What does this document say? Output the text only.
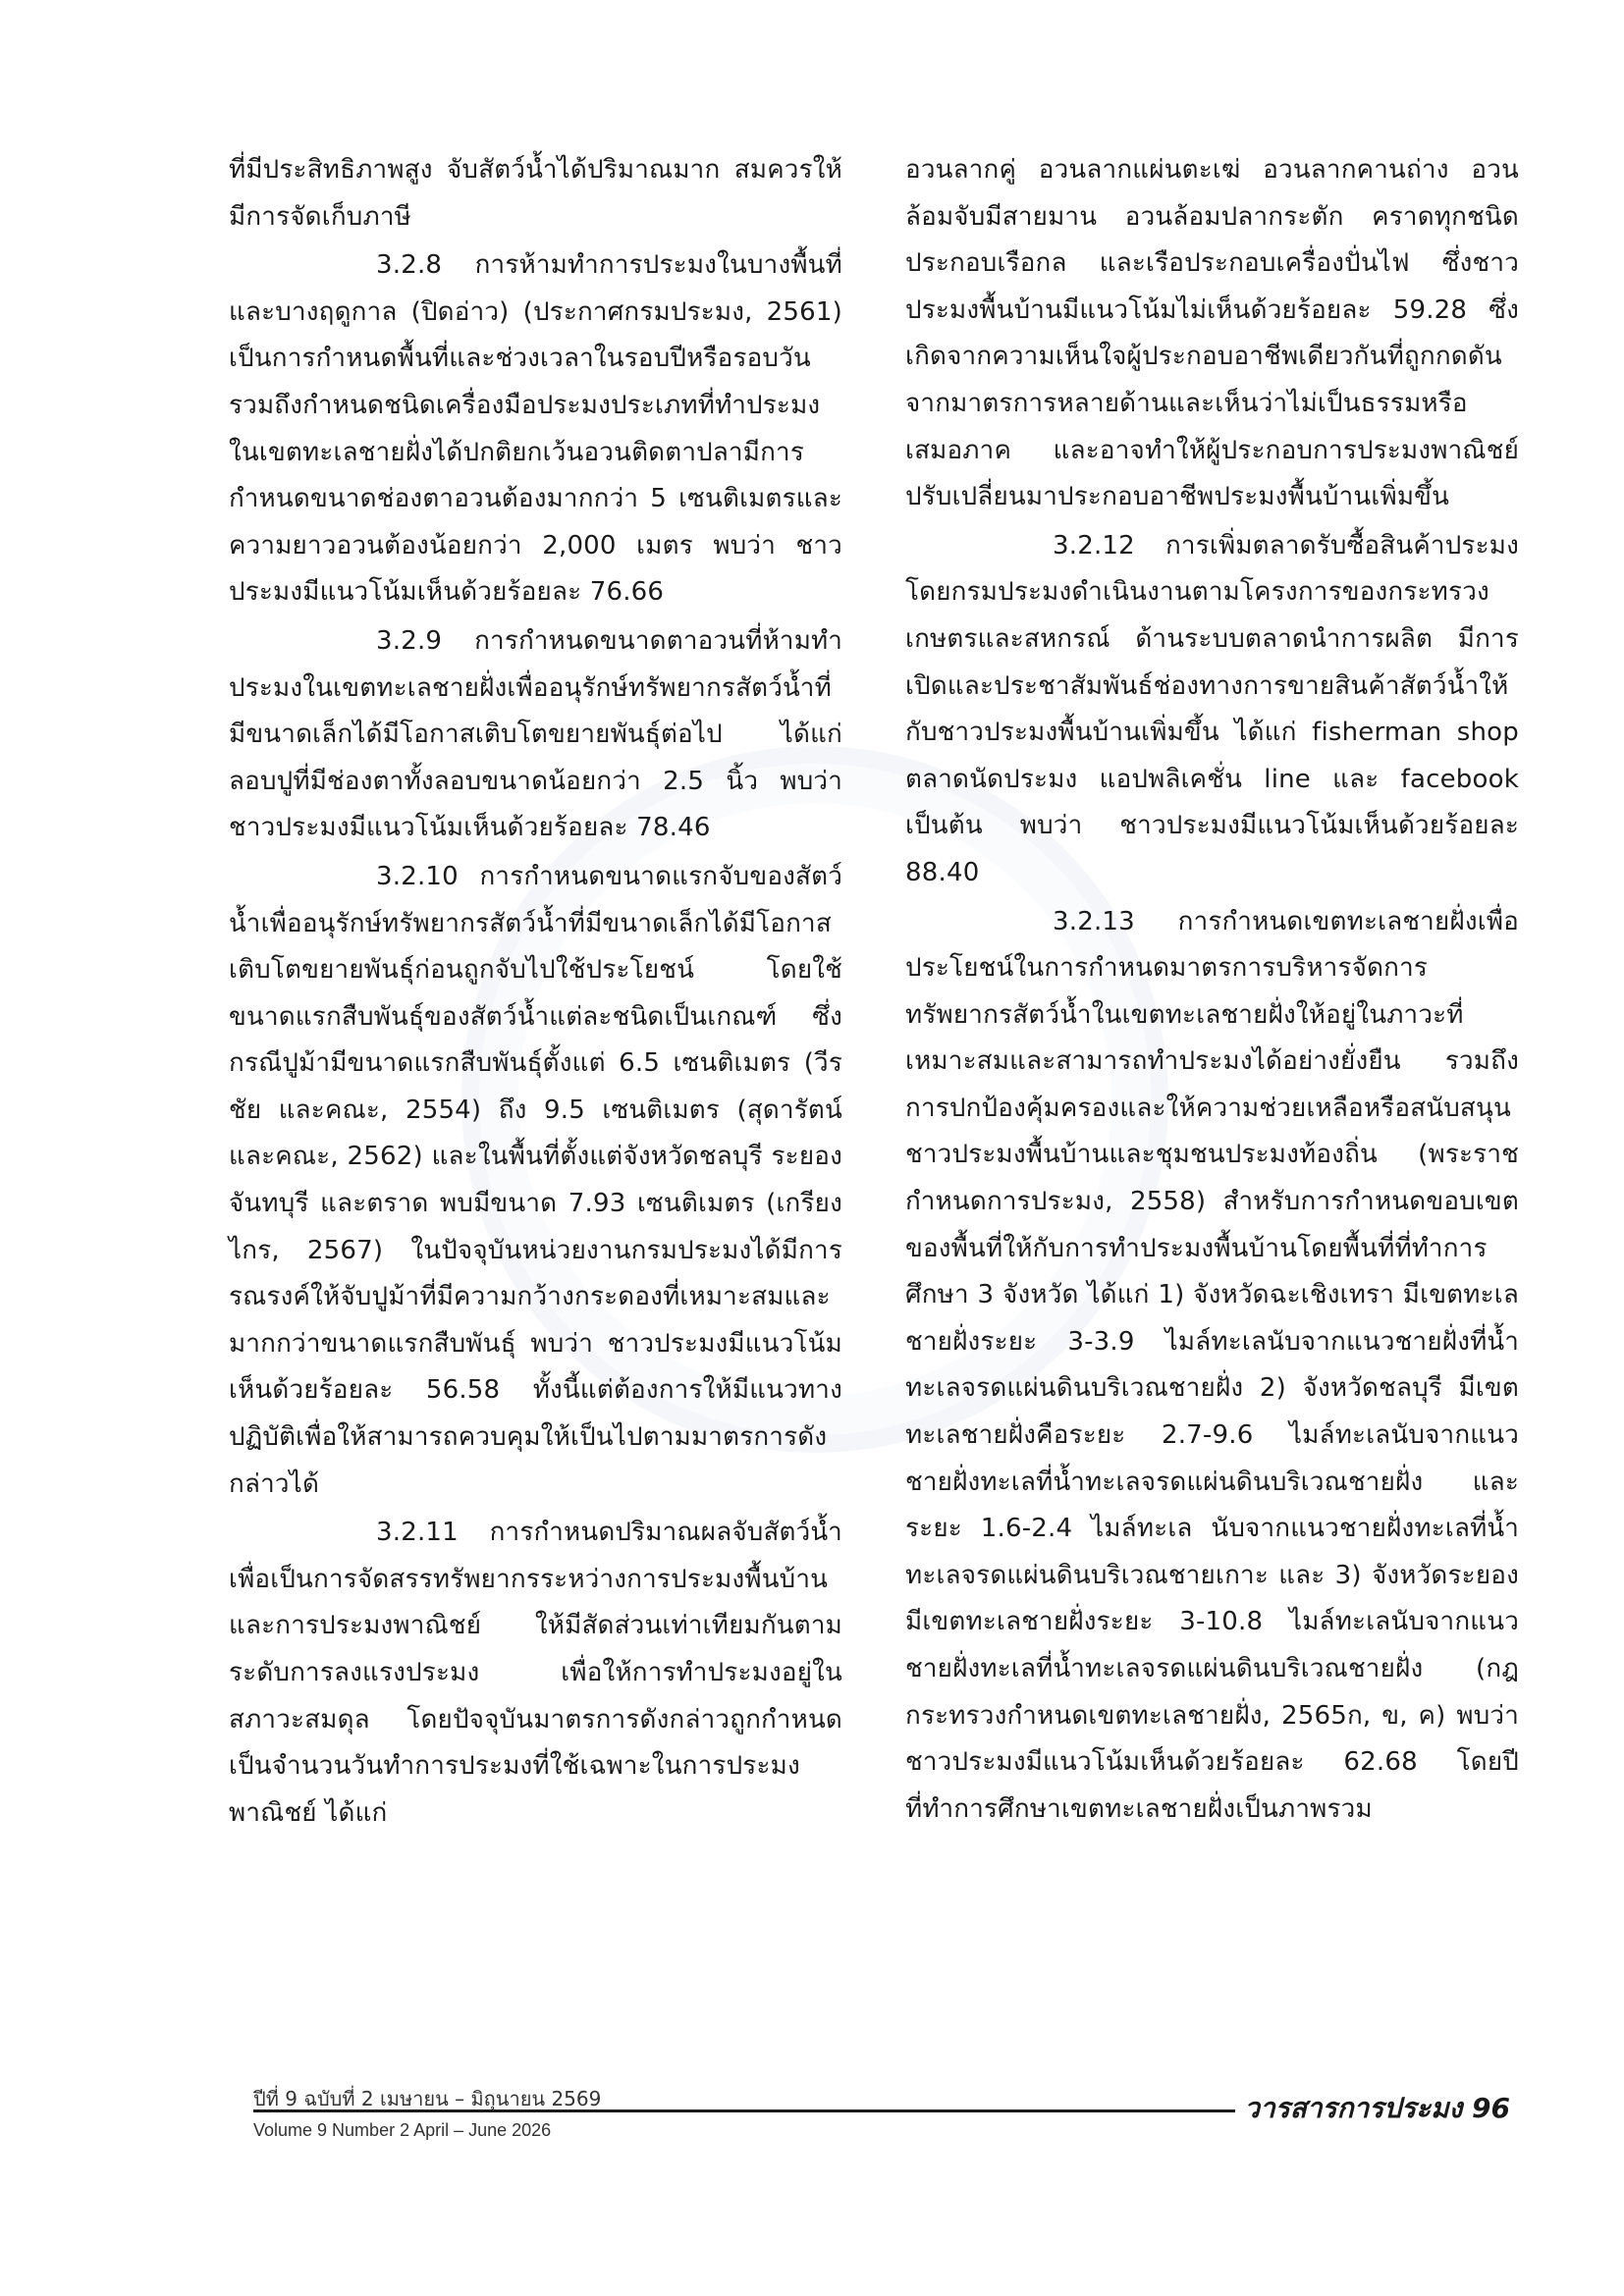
ที่มีประสิทธิภาพสูง จับสัตว์น้ำได้ปริมาณมาก สมควรให้มีการจัดเก็บภาษี

3.2.8 การห้ามทำการประมงในบางพื้นที่และบางฤดูกาล (ปิดอ่าว) (ประกาศกรมประมง, 2561) เป็นการกำหนดพื้นที่และช่วงเวลาในรอบปีหรือรอบวัน รวมถึงกำหนดชนิดเครื่องมือประมงประเภทที่ทำประมงในเขตทะเลชายฝั่งได้ปกติยกเว้นอวนติดตาปลามีการกำหนดขนาดช่องตาอวนต้องมากกว่า 5 เซนติเมตรและความยาวอวนต้องน้อยกว่า 2,000 เมตร พบว่า ชาวประมงมีแนวโน้มเห็นด้วยร้อยละ 76.66

3.2.9 การกำหนดขนาดตาอวนที่ห้ามทำประมงในเขตทะเลชายฝั่งเพื่ออนุรักษ์ทรัพยากรสัตว์น้ำที่มีขนาดเล็กได้มีโอกาสเติบโตขยายพันธุ์ต่อไป ได้แก่ ลอบปูที่มีช่องตาทั้งลอบขนาดน้อยกว่า 2.5 นิ้ว พบว่า ชาวประมงมีแนวโน้มเห็นด้วยร้อยละ 78.46

3.2.10 การกำหนดขนาดแรกจับของสัตว์น้ำเพื่ออนุรักษ์ทรัพยากรสัตว์น้ำที่มีขนาดเล็กได้มีโอกาสเติบโตขยายพันธุ์ก่อนถูกจับไปใช้ประโยชน์ โดยใช้ขนาดแรกสืบพันธุ์ของสัตว์น้ำแต่ละชนิดเป็นเกณฑ์ ซึ่งกรณีปูม้ามีขนาดแรกสืบพันธุ์ตั้งแต่ 6.5 เซนติเมตร (วีรชัย และคณะ, 2554) ถึง 9.5 เซนติเมตร (สุดารัตน์ และคณะ, 2562) และในพื้นที่ตั้งแต่จังหวัดชลบุรี ระยอง จันทบุรี และตราด พบมีขนาด 7.93 เซนติเมตร (เกรียงไกร, 2567) ในปัจจุบันหน่วยงานกรมประมงได้มีการรณรงค์ให้จับปูม้าที่มีความกว้างกระดองที่เหมาะสมและมากกว่าขนาดแรกสืบพันธุ์ พบว่า ชาวประมงมีแนวโน้มเห็นด้วยร้อยละ 56.58 ทั้งนี้แต่ต้องการให้มีแนวทางปฏิบัติเพื่อให้สามารถควบคุมให้เป็นไปตามมาตรการดังกล่าวได้

3.2.11 การกำหนดปริมาณผลจับสัตว์น้ำเพื่อเป็นการจัดสรรทรัพยากรระหว่างการประมงพื้นบ้านและการประมงพาณิชย์ ให้มีสัดส่วนเท่าเทียมกันตามระดับการลงแรงประมง เพื่อให้การทำประมงอยู่ในสภาวะสมดุล โดยปัจจุบันมาตรการดังกล่าวถูกกำหนดเป็นจำนวนวันทำการประมงที่ใช้เฉพาะในการประมงพาณิชย์ ได้แก่

อวนลากคู่ อวนลากแผ่นตะเฆ่ อวนลากคานถ่าง อวนล้อมจับมีสายมาน อวนล้อมปลากระตัก คราดทุกชนิดประกอบเรือกล และเรือประกอบเครื่องปั่นไฟ ซึ่งชาวประมงพื้นบ้านมีแนวโน้มไม่เห็นด้วยร้อยละ 59.28 ซึ่งเกิดจากความเห็นใจผู้ประกอบอาชีพเดียวกันที่ถูกกดดันจากมาตรการหลายด้านและเห็นว่าไม่เป็นธรรมหรือเสมอภาค และอาจทำให้ผู้ประกอบการประมงพาณิชย์ปรับเปลี่ยนมาประกอบอาชีพประมงพื้นบ้านเพิ่มขึ้น

3.2.12 การเพิ่มตลาดรับซื้อสินค้าประมง โดยกรมประมงดำเนินงานตามโครงการของกระทรวงเกษตรและสหกรณ์ ด้านระบบตลาดนำการผลิต มีการเปิดและประชาสัมพันธ์ช่องทางการขายสินค้าสัตว์น้ำให้กับชาวประมงพื้นบ้านเพิ่มขึ้น ได้แก่ fisherman shop ตลาดนัดประมง แอปพลิเคชั่น line และ facebook เป็นต้น พบว่า ชาวประมงมีแนวโน้มเห็นด้วยร้อยละ 88.40

3.2.13 การกำหนดเขตทะเลชายฝั่งเพื่อประโยชน์ในการกำหนดมาตรการบริหารจัดการทรัพยากรสัตว์น้ำในเขตทะเลชายฝั่งให้อยู่ในภาวะที่เหมาะสมและสามารถทำประมงได้อย่างยั่งยืน รวมถึงการปกป้องคุ้มครองและให้ความช่วยเหลือหรือสนับสนุนชาวประมงพื้นบ้านและชุมชนประมงท้องถิ่น (พระราชกำหนดการประมง, 2558) สำหรับการกำหนดขอบเขตของพื้นที่ให้กับการทำประมงพื้นบ้านโดยพื้นที่ที่ทำการศึกษา 3 จังหวัด ได้แก่ 1) จังหวัดฉะเชิงเทรา มีเขตทะเลชายฝั่งระยะ 3-3.9 ไมล์ทะเลนับจากแนวชายฝั่งที่น้ำทะเลจรดแผ่นดินบริเวณชายฝั่ง 2) จังหวัดชลบุรี มีเขตทะเลชายฝั่งคือระยะ 2.7-9.6 ไมล์ทะเลนับจากแนวชายฝั่งทะเลที่น้ำทะเลจรดแผ่นดินบริเวณชายฝั่ง และระยะ 1.6-2.4 ไมล์ทะเล นับจากแนวชายฝั่งทะเลที่น้ำทะเลจรดแผ่นดินบริเวณชายเกาะ และ 3) จังหวัดระยอง มีเขตทะเลชายฝั่งระยะ 3-10.8 ไมล์ทะเลนับจากแนวชายฝั่งทะเลที่น้ำทะเลจรดแผ่นดินบริเวณชายฝั่ง (กฎกระทรวงกำหนดเขตทะเลชายฝั่ง, 2565ก, ข, ค) พบว่า ชาวประมงมีแนวโน้มเห็นด้วยร้อยละ 62.68 โดยปีที่ทำการศึกษาเขตทะเลชายฝั่งเป็นภาพรวม

ปีที่ 9 ฉบับที่ 2 เมษายน – มิถุนายน 2569
Volume 9 Number 2 April – June 2026
วารสารการประมง 96
